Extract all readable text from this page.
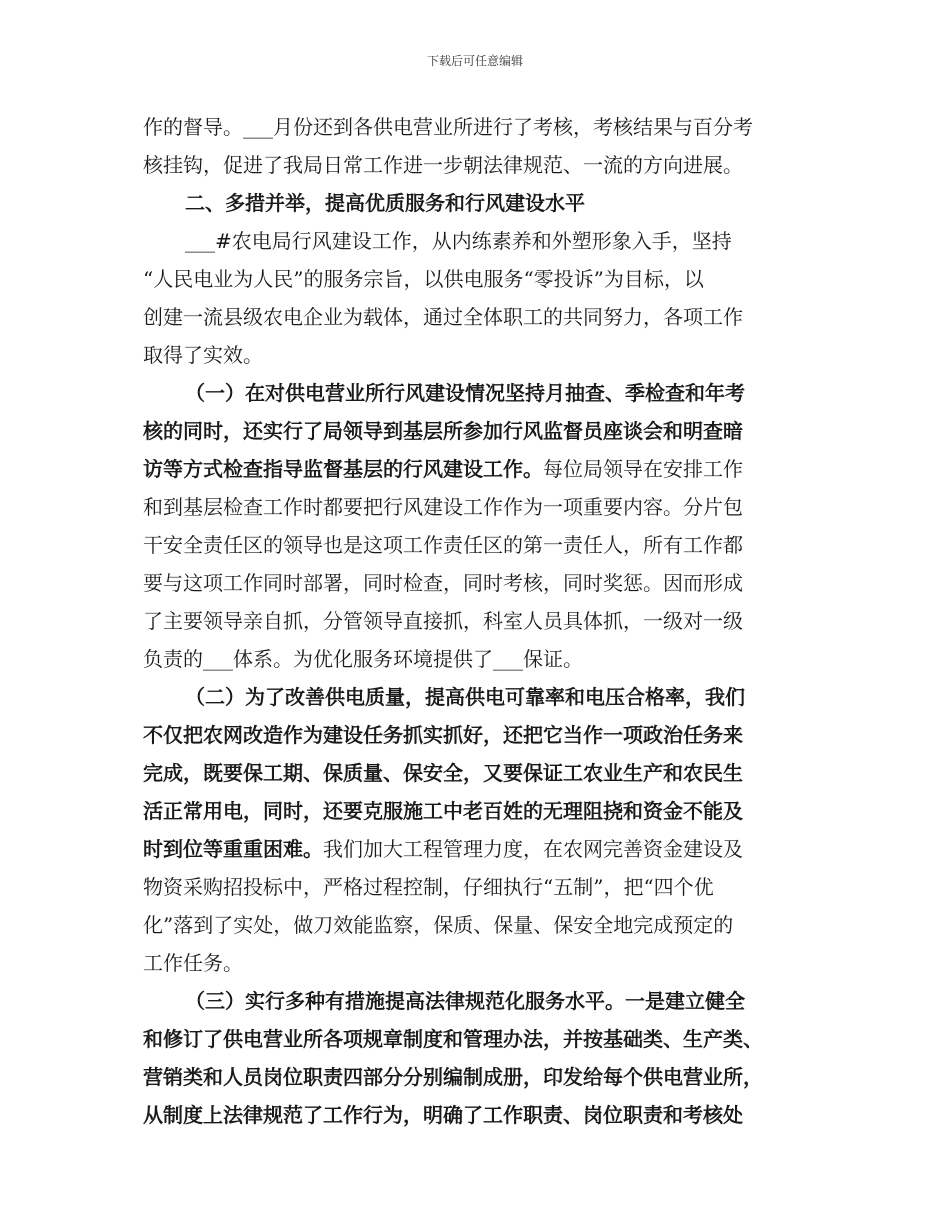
下载后可任意编辑

作的督导。___月份还到各供电营业所进行了考核，考核结果与百分考
核挂钩，促进了我局日常工作进一步朝法律规范、一流的方向进展。

二、多措并举，提高优质服务和行风建设水平

___#农电局行风建设工作，从内练素养和外塑形象入手，坚持
“人民电业为人民”的服务宗旨，以供电服务“零投诉”为目标，以
创建一流县级农电企业为载体，通过全体职工的共同努力，各项工作
取得了实效。

（一）在对供电营业所行风建设情况坚持月抽查、季检查和年考
核的同时，还实行了局领导到基层所参加行风监督员座谈会和明查暗
访等方式检查指导监督基层的行风建设工作。每位局领导在安排工作
和到基层检查工作时都要把行风建设工作作为一项重要内容。分片包
干安全责任区的领导也是这项工作责任区的第一责任人，所有工作都
要与这项工作同时部署，同时检查，同时考核，同时奖惩。因而形成
了主要领导亲自抓，分管领导直接抓，科室人员具体抓，一级对一级
负责的___体系。为优化服务环境提供了___保证。

（二）为了改善供电质量，提高供电可靠率和电压合格率，我们
不仅把农网改造作为建设任务抓实抓好，还把它当作一项政治任务来
完成，既要保工期、保质量、保安全，又要保证工农业生产和农民生
活正常用电，同时，还要克服施工中老百姓的无理阻挠和资金不能及
时到位等重重困难。我们加大工程管理力度，在农网完善资金建设及
物资采购招投标中，严格过程控制，仔细执行“五制”，把“四个优
化”落到了实处，做刀效能监察，保质、保量、保安全地完成预定的
工作任务。

（三）实行多种有措施提高法律规范化服务水平。一是建立健全
和修订了供电营业所各项规章制度和管理办法，并按基础类、生产类、
营销类和人员岗位职责四部分分别编制成册，印发给每个供电营业所，
从制度上法律规范了工作行为，明确了工作职责、岗位职责和考核处
